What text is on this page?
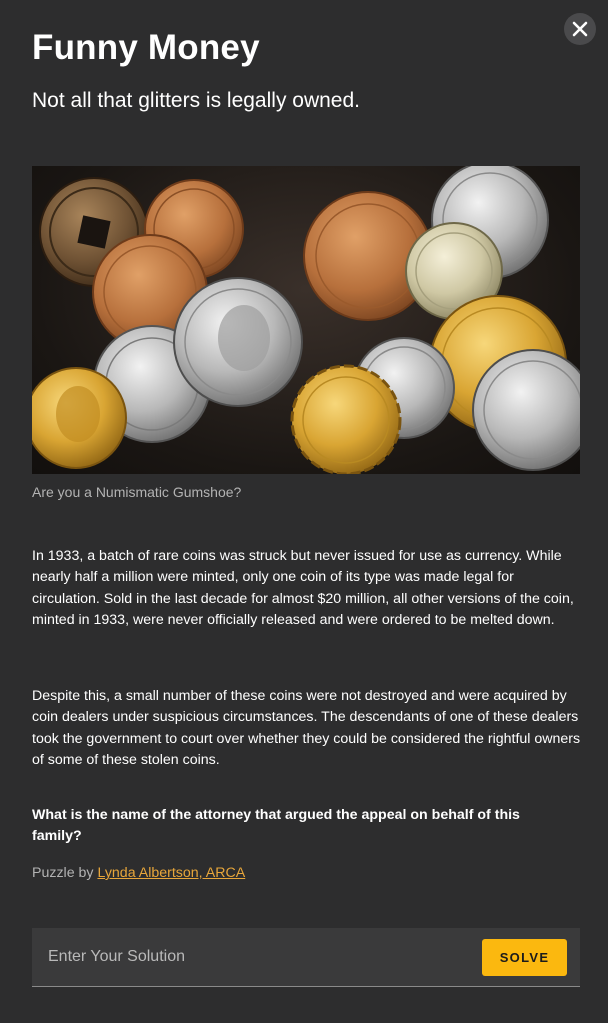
Funny Money

Not all that glitters is legally owned.

Are you a Numismatic Gumshoe?

In 1933, a batch of rare coins was struck but never issued for use as currency. While nearly half a million were minted, only one coin of its type was made legal for circulation. Sold in the last decade for almost $20 million, all other versions of the coin, minted in 1933, were never officially released and were ordered to be melted down.

Despite this, a small number of these coins were not destroyed and were acquired by coin dealers under suspicious circumstances. The descendants of one of these dealers took the government to court over whether they could be considered the rightful owners of some of these stolen coins.

What is the name of the attorney that argued the appeal on behalf of this family?

Puzzle by Lynda Albertson, ARCA
Enter Your Solution
SOLVE
